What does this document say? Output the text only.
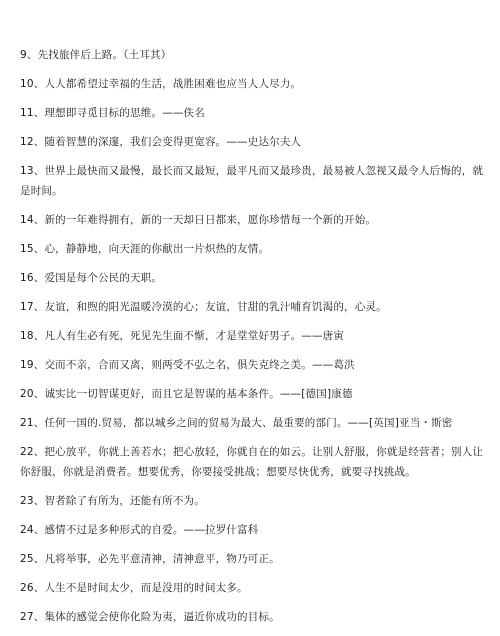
9、先找旅伴后上路。（土耳其）
10、人人都希望过幸福的生活，战胜困难也应当人人尽力。
11、理想即寻觅目标的思维。——佚名
12、随着智慧的深邃，我们会变得更宽容。——史达尔夫人
13、世界上最快而又最慢，最长而又最短，最平凡而又最珍贵，最易被人忽视又最令人后悔的，就是时间。
14、新的一年难得拥有，新的一天却日日都来，愿你珍惜每一个新的开始。
15、心，静静地，向天涯的你献出一片炽热的友情。
16、爱国是每个公民的天职。
17、友谊，和煦的阳光温暖冷漠的心；友谊，甘甜的乳汁哺育饥渴的，心灵。
18、凡人有生必有死，死见先生面不惭，才是堂堂好男子。——唐寅
19、交而不亲，合而又离，则两受不弘之名，俱失克终之美。——葛洪
20、诚实比一切智谋更好，而且它是智谋的基本条件。——[德国]康德
21、任何一国的.贸易，都以城乡之间的贸易为最大、最重要的部门。——[英国]亚当・斯密
22、把心放平，你就上善若水；把心放轻，你就自在的如云。让别人舒服，你就是经营者；别人让你舒服，你就是消费者。想要优秀，你要接受挑战；想要尽快优秀，就要寻找挑战。
23、智者除了有所为，还能有所不为。
24、感情不过是多种形式的自爱。——拉罗什富科
25、凡将举事，必先平意清神，清神意平，物乃可正。
26、人生不是时间太少，而是没用的时间太多。
27、集体的感觉会使你化险为夷，逼近你成功的目标。
